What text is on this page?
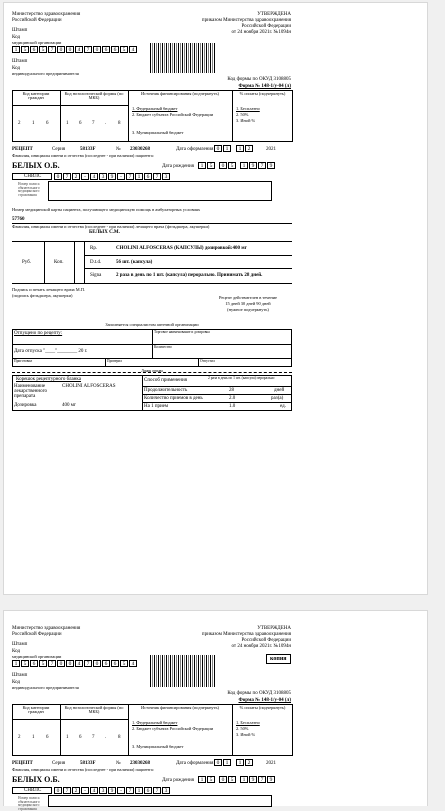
Министерство здравоохранения
Российской Федерации
Штамп
Код
медицинской организации
1	5	6	5	7	0	0	4	7	0	6	6	5	4
Штамп
Код
индивидуального предпринимателя
УТВЕРЖДЕНА
приказом Министерства здравоохранения
Российской Федерации
от 24 ноября 2021г. №1094н
Код формы по ОКУД 3108805
Форма № 148-1/у-04 (л)
Код категории граждан
Код нозологической формы (по МКБ)
Источник финансирования (подчеркнуть)	% оплаты (подчеркнуть)
2 1 6	1 6 7 . 8
1. Федеральный бюджет
2. Бюджет субъекта Российской Федерации
3. Муниципальный бюджет
1. Бесплатно
2. 50%
3. Иной %
РЕЦЕПТ	Серия	58133F	№ 23030268	Дата оформления 0	1	1	2	2021
Фамилия, инициалы имени и отчества (последнее - при наличии) пациента:
БЕЛЫХ О.Б.	Дата рождения	1	5	0	5	1	9	7	9
СНИЛС	0	7	2	-	4	3	9	-	7	1	6	7	3
Номер полиса обязательного медицинского страхования
Номер медицинской карты пациента, получающего медицинскую помощь в амбулаторных условиях
57760
Фамилия, инициалы имени и отчества (последнее - при наличии) лечащего врача (фельдшера, акушерки)
БЕЛЫХ С.М.
Руб.	Коп.
Rp.	CHOLINI ALFOSCERAS (КАПСУЛЫ) дозировкой:400 мг
D.t.d.	56 шт. (капсула)
Signa	2 раза в день по 1 шт. (капсула) перорально. Принимать 28 дней.
Подпись и печать лечащего врача М.П.
(подпись фельдшера, акушерки)	Рецепт действителен в течение
15 дней 30 дней 90 дней
(нужное подчеркнуть)
Заполняется специалистом аптечной организации
Отпущено по рецепту:	Торговое наименование и дозировка
Дата отпуска "____"________ 20 г.
Количество
Приготовил	Проверил	Отпустил
Линия отрыва
Корешок рецептурного бланка
Наименование лекарственного препарата
CHOLINI ALFOSCERAS
Дозировка	400 мг
Способ применения	2 раза в день по 1 шт. (капсула) перорально
Продолжительность	28	дней
Количество приемов в день	2.0	раз(а)
На 1 прием	1.0	ед.
Министерство здравоохранения
Российской Федерации
Штамп
Код
медицинской организации
1	5	6	5	7	0	0	4	7	0	6	6	5	4
Штамп
Код
индивидуального предпринимателя
УТВЕРЖДЕНА
приказом Министерства здравоохранения
Российской Федерации
от 24 ноября 2021г. №1094н
копия
Код формы по ОКУД 3108805
Форма № 148-1/у-04 (л)
Код категории граждан
Код нозологической формы (по МКБ)
Источник финансирования (подчеркнуть)	% оплаты (подчеркнуть)
2 1 6	1 6 7 . 8
1. Федеральный бюджет
2. Бюджет субъекта Российской Федерации
3. Муниципальный бюджет
1. Бесплатно
2. 50%
3. Иной %
РЕЦЕПТ	Серия	58133F	№ 23030268	Дата оформления 0	1	1	2	2021
Фамилия, инициалы имени и отчества (последнее - при наличии) пациента:
БЕЛЫХ О.Б.	Дата рождения	1	5	0	5	1	9	7	9
СНИЛС	0	7	2	-	4	3	9	-	7	1	6	7	3
Номер полиса обязательного медицинского страхования
